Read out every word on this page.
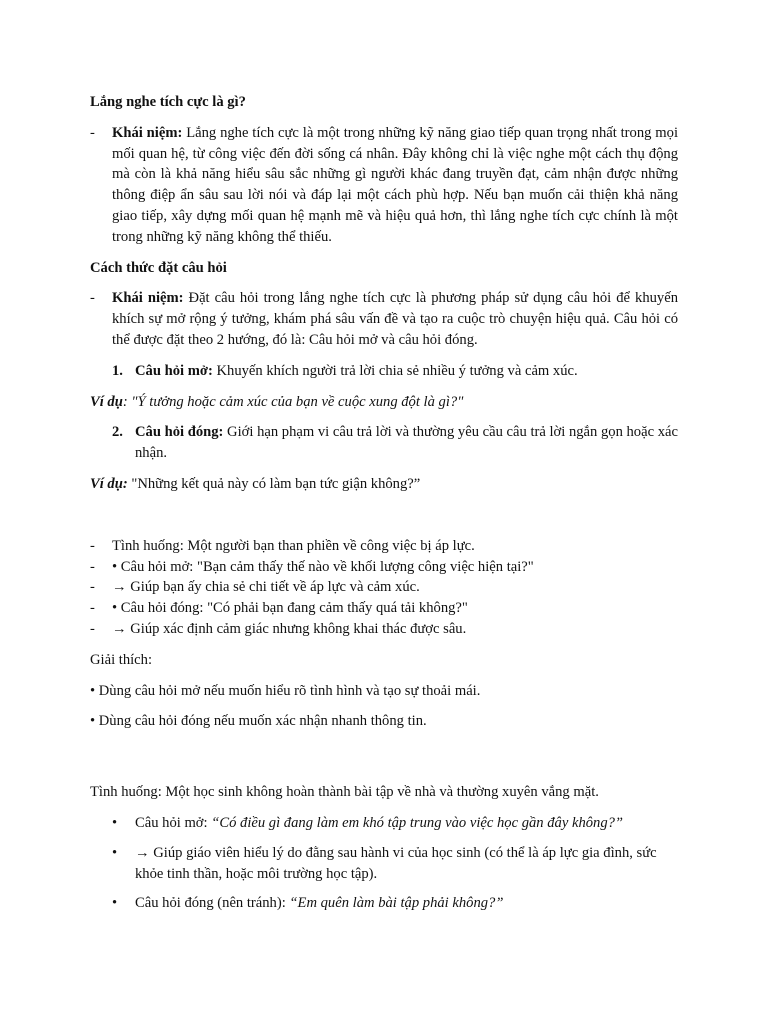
Lắng nghe tích cực là gì?
-	Khái niệm: Lắng nghe tích cực là một trong những kỹ năng giao tiếp quan trọng nhất trong mọi mối quan hệ, từ công việc đến đời sống cá nhân. Đây không chỉ là việc nghe một cách thụ động mà còn là khả năng hiểu sâu sắc những gì người khác đang truyền đạt, cảm nhận được những thông điệp ẩn sâu sau lời nói và đáp lại một cách phù hợp. Nếu bạn muốn cải thiện khả năng giao tiếp, xây dựng mối quan hệ mạnh mẽ và hiệu quả hơn, thì lắng nghe tích cực chính là một trong những kỹ năng không thể thiếu.
Cách thức đặt câu hỏi
-	Khái niệm: Đặt câu hỏi trong lắng nghe tích cực là phương pháp sử dụng câu hỏi để khuyến khích sự mở rộng ý tưởng, khám phá sâu vấn đề và tạo ra cuộc trò chuyện hiệu quả. Câu hỏi có thể được đặt theo 2 hướng, đó là: Câu hỏi mở và câu hỏi đóng.
1. Câu hỏi mở: Khuyến khích người trả lời chia sẻ nhiều ý tưởng và cảm xúc.
Ví dụ: "Ý tưởng hoặc cảm xúc của bạn về cuộc xung đột là gì?"
2. Câu hỏi đóng: Giới hạn phạm vi câu trả lời và thường yêu cầu câu trả lời ngắn gọn hoặc xác nhận.
Ví dụ: "Những kết quả này có làm bạn tức giận không?”
-	Tình huống: Một người bạn than phiền về công việc bị áp lực.
-	• Câu hỏi mở: "Bạn cảm thấy thế nào về khối lượng công việc hiện tại?"
-	→ Giúp bạn ấy chia sẻ chi tiết về áp lực và cảm xúc.
-	• Câu hỏi đóng: "Có phải bạn đang cảm thấy quá tải không?"
-	→ Giúp xác định cảm giác nhưng không khai thác được sâu.
Giải thích:
• Dùng câu hỏi mở nếu muốn hiểu rõ tình hình và tạo sự thoải mái.
• Dùng câu hỏi đóng nếu muốn xác nhận nhanh thông tin.
Tình huống: Một học sinh không hoàn thành bài tập về nhà và thường xuyên vắng mặt.
•	Câu hỏi mở: “Có điều gì đang làm em khó tập trung vào việc học gần đây không?”
•	→ Giúp giáo viên hiểu lý do đằng sau hành vi của học sinh (có thể là áp lực gia đình, sức khỏe tinh thần, hoặc môi trường học tập).
•	Câu hỏi đóng (nên tránh): “Em quên làm bài tập phải không?”
